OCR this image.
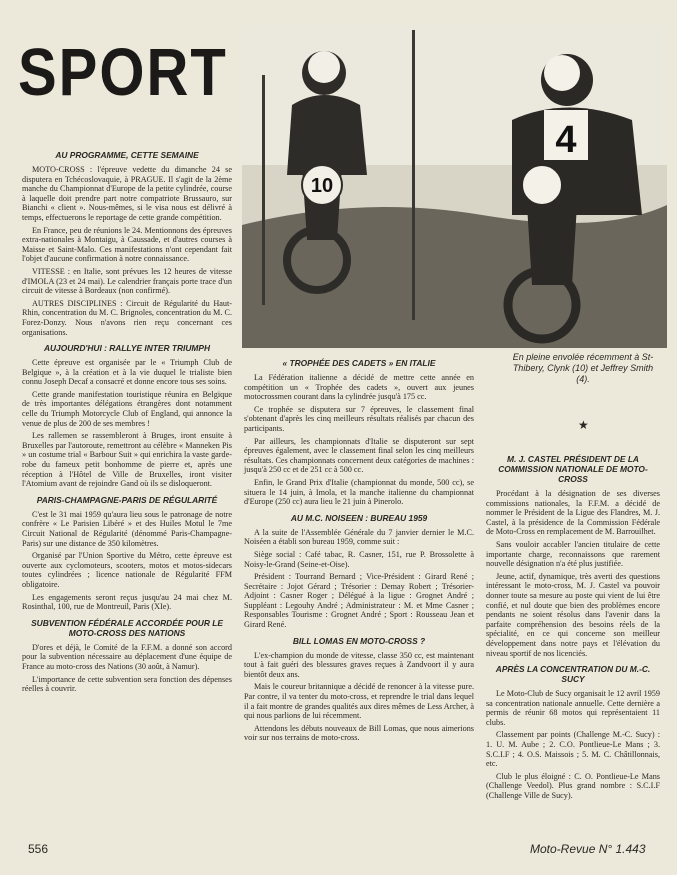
SPORT
10
4
En pleine envolée récemment à St-Thibery, Clynk (10) et Jeffrey Smith (4).
★
AU PROGRAMME, CETTE SEMAINE

MOTO-CROSS : l'épreuve vedette du dimanche 24 se disputera en Tchécoslovaquie, à PRAGUE. Il s'agit de la 2ème manche du Championnat d'Europe de la petite cylindrée, course à laquelle doit prendre part notre compatriote Brussauro, sur Bianchi « client ». Nous-mêmes, si le visa nous est délivré à temps, effectuerons le reportage de cette grande compétition.

En France, peu de réunions le 24. Mentionnons des épreuves extra-nationales à Montaigu, à Caussade, et d'autres courses à Maisse et Saint-Malo. Ces manifestations n'ont cependant fait l'objet d'aucune confirmation à notre connaissance.

VITESSE : en Italie, sont prévues les 12 heures de vitesse d'IMOLA (23 et 24 mai). Le calendrier français porte trace d'un circuit de vitesse à Bordeaux (non confirmé).

AUTRES DISCIPLINES : Circuit de Régularité du Haut-Rhin, concentration du M. C. Brignoles, concentration du M. C. Forez-Donzy. Nous n'avons rien reçu concernant ces organisations.

AUJOURD'HUI : RALLYE INTER TRIUMPH

Cette épreuve est organisée par le « Triumph Club de Belgique », à la création et à la vie duquel le trialiste bien connu Joseph Decaf a consacré et donne encore tous ses soins.

Cette grande manifestation touristique réunira en Belgique de très importantes délégations étrangères dont notamment celle du Triumph Motorcycle Club of England, qui annonce la venue de plus de 200 de ses membres !

Les rallemen se rassembleront à Bruges, iront ensuite à Bruxelles par l'autoroute, remettront au célèbre « Manneken Pis » un costume trial « Barbour Suit » qui enrichira la vaste garde-robe du fameux petit bonhomme de pierre et, après une réception à l'Hôtel de Ville de Bruxelles, iront visiter l'Atomium avant de rejoindre Gand où ils se disloqueront.

PARIS-CHAMPAGNE-PARIS DE RÉGULARITÉ

C'est le 31 mai 1959 qu'aura lieu sous le patronage de notre confrère « Le Parisien Libéré » et des Huiles Motul le 7me Circuit National de Régularité (dénommé Paris-Champagne-Paris) sur une distance de 350 kilomètres.

Organisé par l'Union Sportive du Métro, cette épreuve est ouverte aux cyclomoteurs, scooters, motos et motos-sidecars toutes cylindrées ; licence nationale de Régularité FFM obligatoire.

Les engagements seront reçus jusqu'au 24 mai chez M. Rosinthal, 100, rue de Montreuil, Paris (XIe).

SUBVENTION FÉDÉRALE ACCORDÉE POUR LE MOTO-CROSS DES NATIONS

D'ores et déjà, le Comité de la F.F.M. a donné son accord pour la subvention nécessaire au déplacement d'une équipe de France au moto-cross des Nations (30 août, à Namur).

L'importance de cette subvention sera fonction des dépenses réelles à couvrir.

« TROPHÉE DES CADETS » EN ITALIE

La Fédération italienne a décidé de mettre cette année en compétition un « Trophée des cadets », ouvert aux jeunes motocrossmen courant dans la cylindrée jusqu'à 175 cc.

Ce trophée se disputera sur 7 épreuves, le classement final s'obtenant d'après les cinq meilleurs résultats réalisés par chacun des participants.

Par ailleurs, les championnats d'Italie se disputeront sur sept épreuves également, avec le classement final selon les cinq meilleurs résultats. Ces championnats concernent deux catégories de machines : jusqu'à 250 cc et de 251 cc à 500 cc.

Enfin, le Grand Prix d'Italie (championnat du monde, 500 cc), se situera le 14 juin, à Imola, et la manche italienne du championnat d'Europe (250 cc) aura lieu le 21 juin à Pinerolo.

AU M.C. NOISEEN : BUREAU 1959

A la suite de l'Assemblée Générale du 7 janvier dernier le M.C. Noiséen a établi son bureau 1959, comme suit :

Siège social : Café tabac, R. Casner, 151, rue P. Brossolette à Noisy-le-Grand (Seine-et-Oise).

Président : Tourrand Bernard ; Vice-Président : Girard René ; Secrétaire : Jojot Gérard ; Trésorier : Demay Robert ; Trésorier-Adjoint : Casner Roger ; Délégué à la ligue : Grognet André ; Suppléant : Legouhy André ; Administrateur : M. et Mme Casner ; Responsables Tourisme : Grognet André ; Sport : Rousseau Jean et Girard René.

BILL LOMAS EN MOTO-CROSS ?

L'ex-champion du monde de vitesse, classe 350 cc, est maintenant tout à fait guéri des blessures graves reçues à Zandvoort il y aura bientôt deux ans.

Mais le coureur britannique a décidé de renoncer à la vitesse pure. Par contre, il va tenter du moto-cross, et reprendre le trial dans lequel il a fait montre de grandes qualités aux dires mêmes de Less Archer, à qui nous parlions de lui récemment.

Attendons les débuts nouveaux de Bill Lomas, que nous aimerions voir sur nos terrains de moto-cross.

M. J. CASTEL PRÉSIDENT DE LA COMMISSION NATIONALE DE MOTO-CROSS

Procédant à la désignation de ses diverses commissions nationales, la F.F.M. a décidé de nommer le Président de la Ligue des Flandres, M. J. Castel, à la présidence de la Commission Fédérale de Moto-Cross en remplacement de M. Barrouilhet.

Sans vouloir accabler l'ancien titulaire de cette importante charge, reconnaissons que rarement nouvelle désignation n'a été plus justifiée.

Jeune, actif, dynamique, très averti des questions intéressant le moto-cross, M. J. Castel va pouvoir donner toute sa mesure au poste qui vient de lui être confié, et nul doute que bien des problèmes encore pendants ne soient résolus dans l'avenir dans la parfaite compréhension des besoins réels de la spécialité, en ce qui concerne son meilleur développement dans notre pays et l'élévation du niveau sportif de nos licenciés.

APRÈS LA CONCENTRATION DU M.-C. SUCY

Le Moto-Club de Sucy organisait le 12 avril 1959 sa concentration nationale annuelle. Cette dernière a permis de réunir 68 motos qui représentaient 11 clubs.

Classement par points (Challenge M.-C. Sucy) : 1. U. M. Aube ; 2. C.O. Pontlieue-Le Mans ; 3. S.C.I.F ; 4. O.S. Maissois ; 5. M. C. Châtillonnais, etc.

Club le plus éloigné : C. O. Pontlieue-Le Mans (Challenge Veedol). Plus grand nombre : S.C.I.F (Challenge Ville de Sucy).

556	Moto-Revue N° 1.443
